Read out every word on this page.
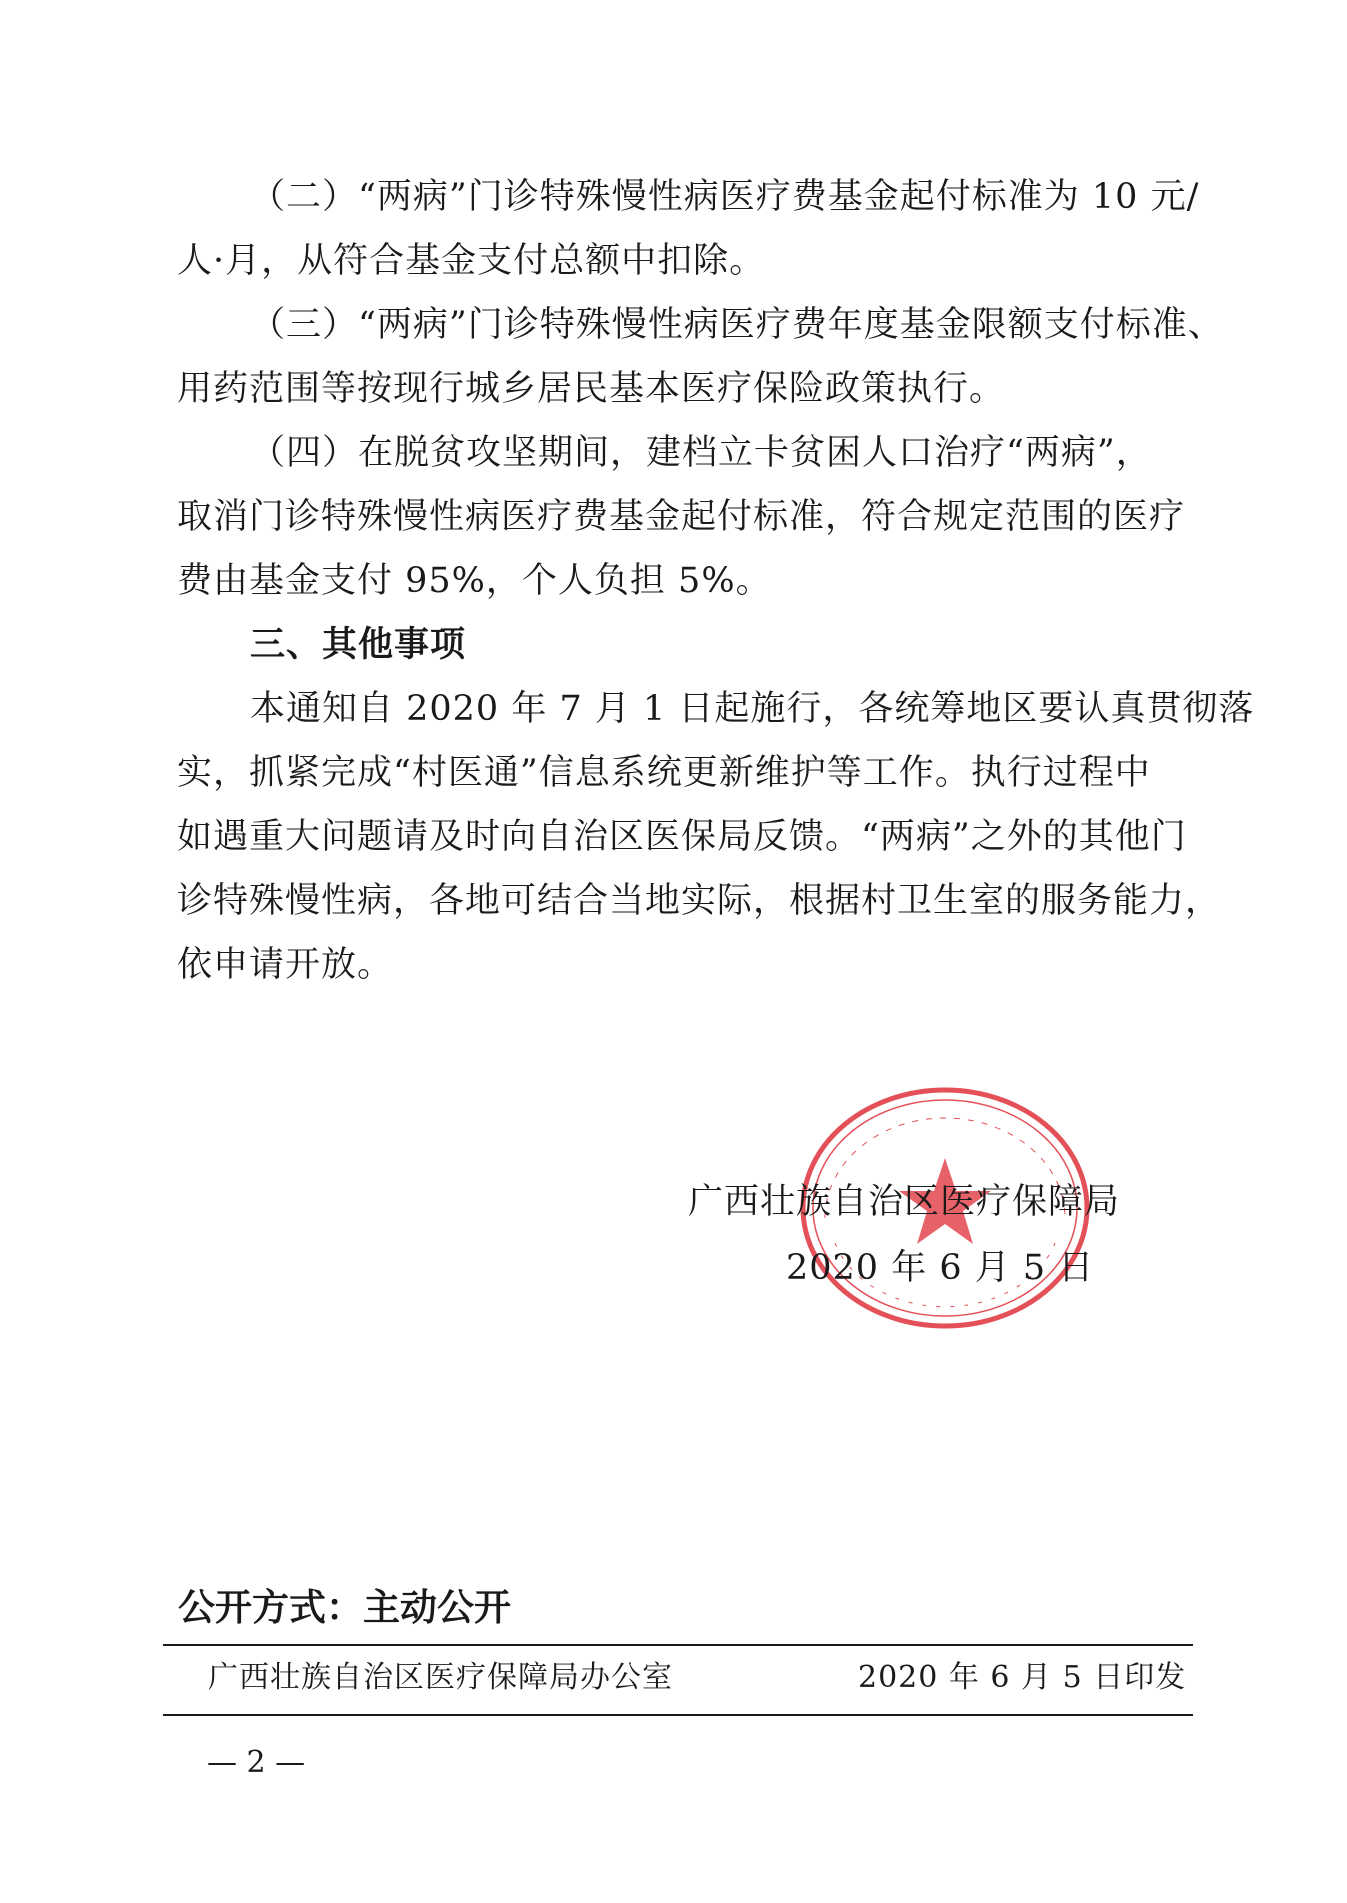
（二）“两病”门诊特殊慢性病医疗费基金起付标准为 10 元/
人·月，从符合基金支付总额中扣除。
（三）“两病”门诊特殊慢性病医疗费年度基金限额支付标准、
用药范围等按现行城乡居民基本医疗保险政策执行。
（四）在脱贫攻坚期间，建档立卡贫困人口治疗“两病”，
取消门诊特殊慢性病医疗费基金起付标准，符合规定范围的医疗
费由基金支付 95%，个人负担 5%。
三、其他事项
本通知自 2020 年 7 月 1 日起施行，各统筹地区要认真贯彻落
实，抓紧完成“村医通”信息系统更新维护等工作。执行过程中
如遇重大问题请及时向自治区医保局反馈。“两病”之外的其他门
诊特殊慢性病，各地可结合当地实际，根据村卫生室的服务能力，
依申请开放。
广西壮族自治区医疗保障局
2020 年 6 月 5 日
公开方式：主动公开
广西壮族自治区医疗保障局办公室	2020 年 6 月 5 日印发
— 2 —
